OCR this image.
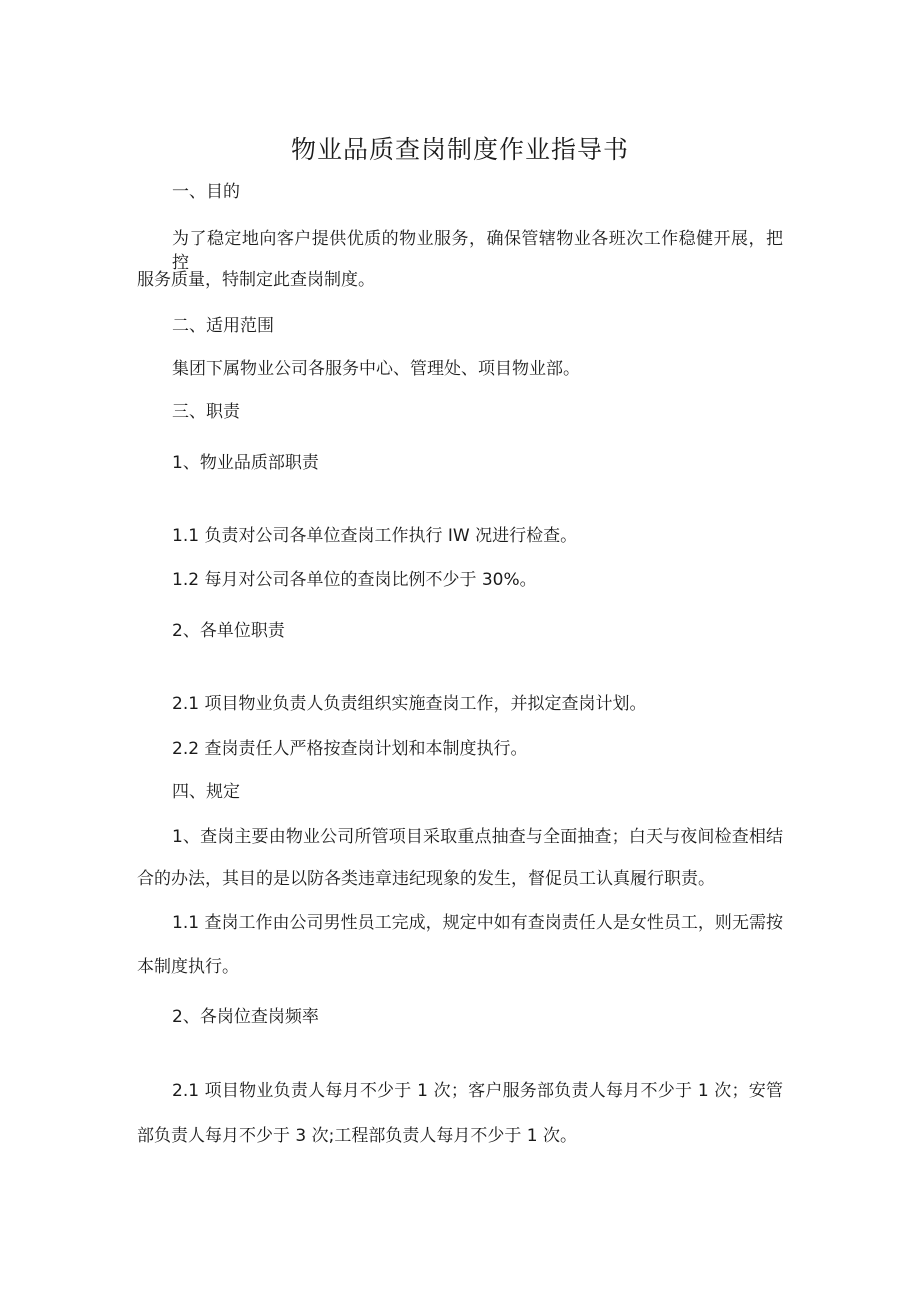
物业品质查岗制度作业指导书
一、目的
为了稳定地向客户提供优质的物业服务，确保管辖物业各班次工作稳健开展，把控
服务质量，特制定此查岗制度。
二、适用范围
集团下属物业公司各服务中心、管理处、项目物业部。
三、职责
1、物业品质部职责
1.1 负责对公司各单位查岗工作执行 IW 况进行检查。
1.2 每月对公司各单位的查岗比例不少于 30%。
2、各单位职责
2.1 项目物业负责人负责组织实施查岗工作，并拟定查岗计划。
2.2 查岗责任人严格按查岗计划和本制度执行。
四、规定
1、查岗主要由物业公司所管项目采取重点抽查与全面抽查；白天与夜间检查相结
合的办法，其目的是以防各类违章违纪现象的发生，督促员工认真履行职责。
1.1 查岗工作由公司男性员工完成，规定中如有查岗责任人是女性员工，则无需按
本制度执行。
2、各岗位查岗频率
2.1 项目物业负责人每月不少于 1 次；客户服务部负责人每月不少于 1 次；安管
部负责人每月不少于 3 次;工程部负责人每月不少于 1 次。
